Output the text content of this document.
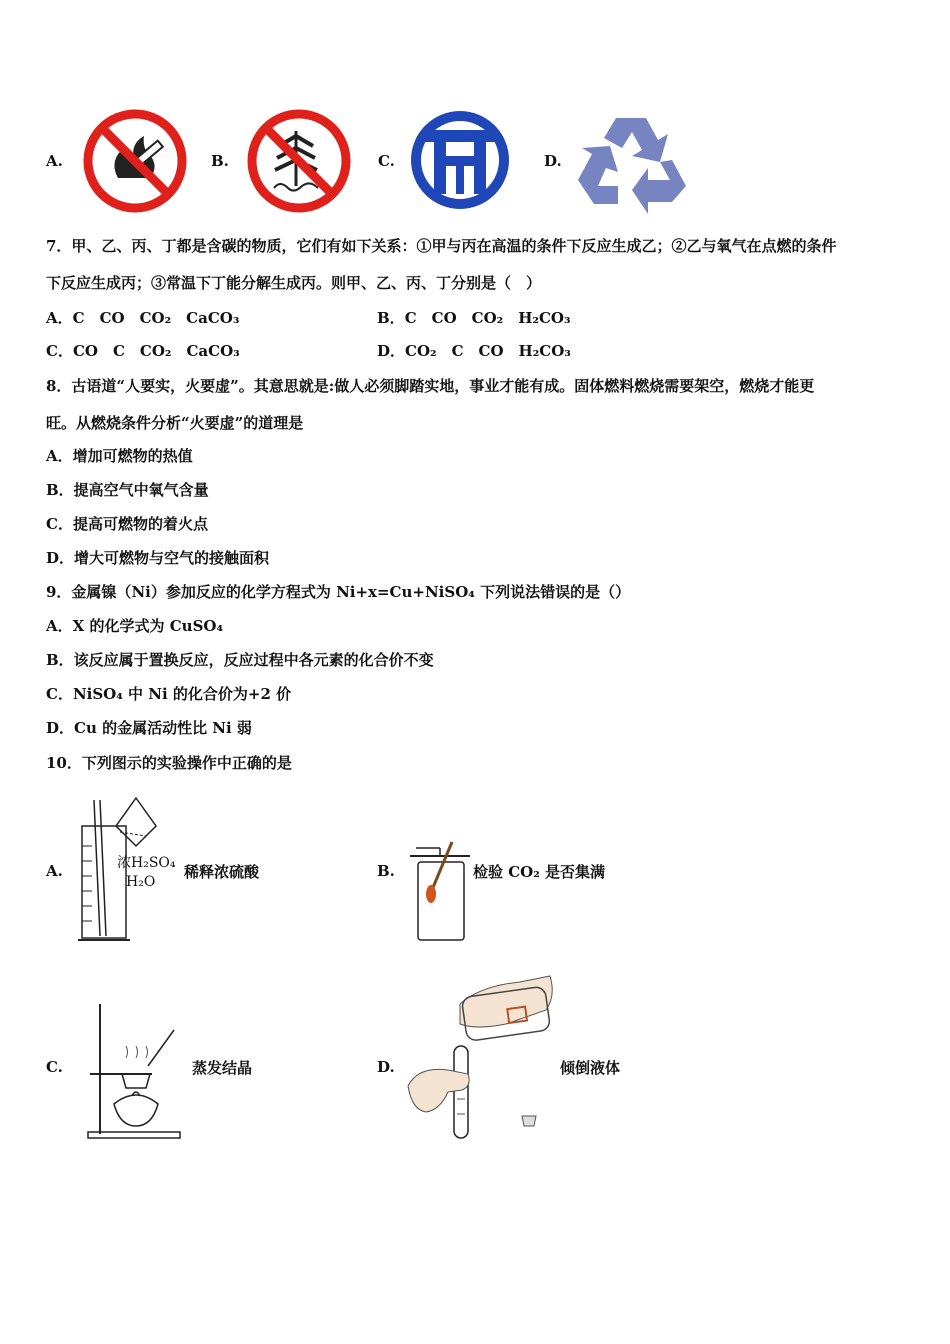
A.	B.	C.	D.
7．甲、乙、丙、丁都是含碳的物质，它们有如下关系：①甲与丙在高温的条件下反应生成乙；②乙与氧气在点燃的条件
下反应生成丙；③常温下丁能分解生成丙。则甲、乙、丙、丁分别是（　）
A．C　CO　CO₂　CaCO₃	B．C　CO　CO₂　H₂CO₃
C．CO　C　CO₂　CaCO₃	D．CO₂　C　CO　H₂CO₃
8．古语道“人要实，火要虚”。其意思就是:做人必须脚踏实地，事业才能有成。固体燃料燃烧需要架空，燃烧才能更
旺。从燃烧条件分析“火要虚”的道理是
A．增加可燃物的热值
B．提高空气中氧气含量
C．提高可燃物的着火点
D．增大可燃物与空气的接触面积
9．金属镍（Ni）参加反应的化学方程式为 Ni+x=Cu+NiSO₄ 下列说法错误的是（）
A．X 的化学式为 CuSO₄
B．该反应属于置换反应，反应过程中各元素的化合价不变
C．NiSO₄ 中 Ni 的化合价为+2 价
D．Cu 的金属活动性比 Ni 弱
10．下列图示的实验操作中正确的是
A.	浓H₂SO₄
H₂O
稀释浓硫酸	B.	检验 CO₂ 是否集满
C.	蒸发结晶	D.	倾倒液体
